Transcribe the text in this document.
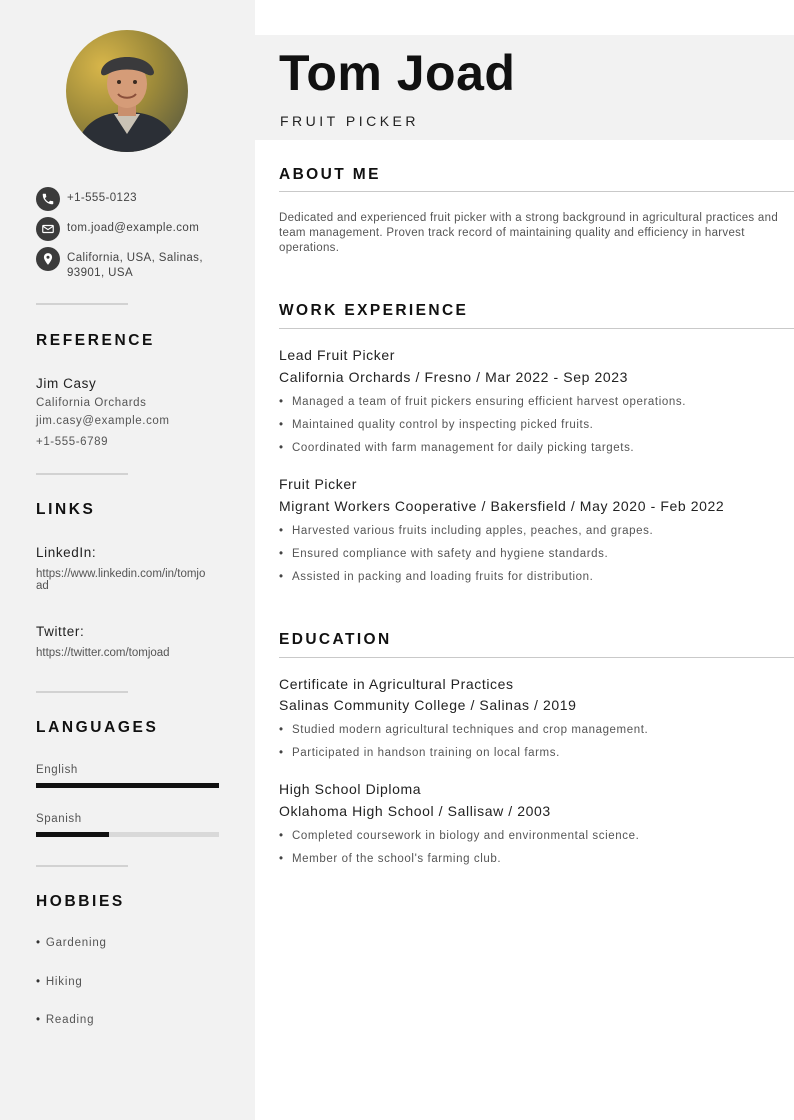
+1-555-0123
tom.joad@example.com
California, USA, Salinas,
93901, USA
REFERENCE
Jim Casy
California Orchards
jim.casy@example.com
+1-555-6789
LINKS
LinkedIn:
https://www.linkedin.com/in/tomjo
ad
Twitter:
https://twitter.com/tomjoad
LANGUAGES
English
Spanish
HOBBIES
• Gardening
• Hiking
• Reading
Tom Joad
FRUIT PICKER
ABOUT ME
Dedicated and experienced fruit picker with a strong background in agricultural practices and team management. Proven track record of maintaining quality and efficiency in harvest operations.
WORK EXPERIENCE
Lead Fruit Picker
California Orchards / Fresno / Mar 2022 - Sep 2023
• Managed a team of fruit pickers ensuring efficient harvest operations.
• Maintained quality control by inspecting picked fruits.
• Coordinated with farm management for daily picking targets.
Fruit Picker
Migrant Workers Cooperative / Bakersfield / May 2020 - Feb 2022
• Harvested various fruits including apples, peaches, and grapes.
• Ensured compliance with safety and hygiene standards.
• Assisted in packing and loading fruits for distribution.
EDUCATION
Certificate in Agricultural Practices
Salinas Community College / Salinas / 2019
• Studied modern agricultural techniques and crop management.
• Participated in handson training on local farms.
High School Diploma
Oklahoma High School / Sallisaw / 2003
• Completed coursework in biology and environmental science.
• Member of the school's farming club.
